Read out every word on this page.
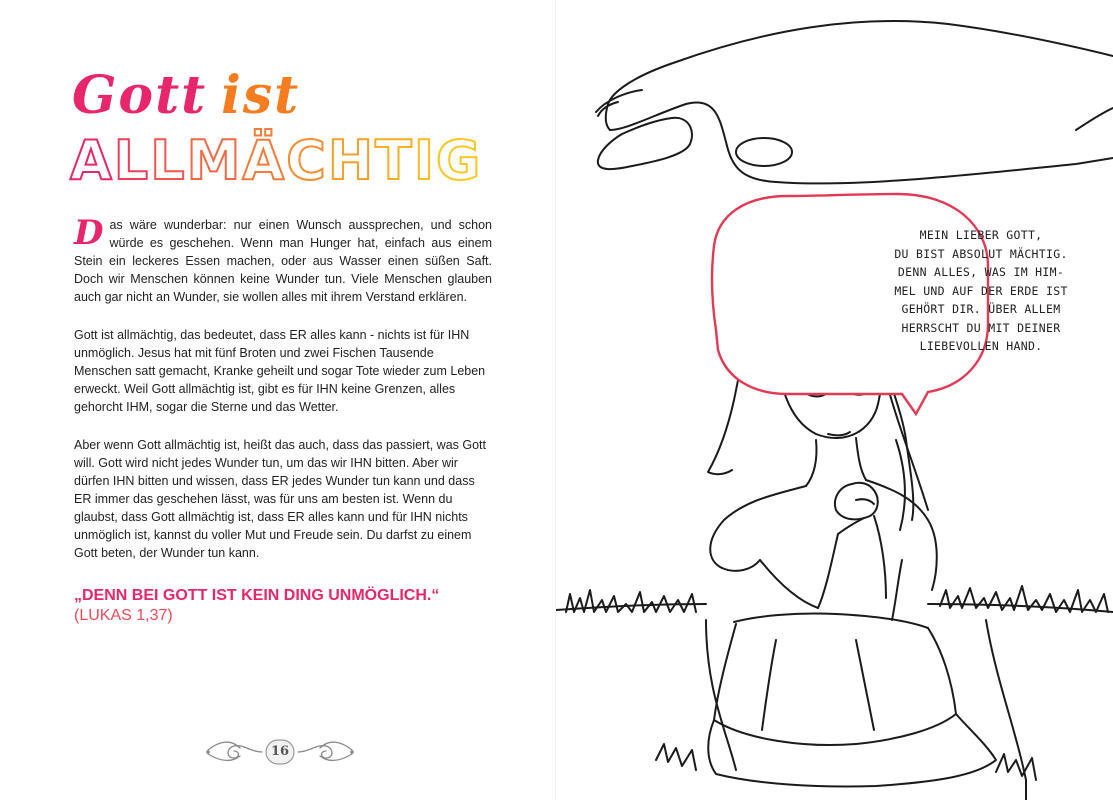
Gott ist
ALLMÄCHTIG

Das wäre wunderbar: nur einen Wunsch aussprechen, und schon würde es geschehen. Wenn man Hunger hat, einfach aus einem Stein ein leckeres Essen machen, oder aus Wasser einen süßen Saft. Doch wir Menschen können keine Wunder tun. Viele Menschen glauben auch gar nicht an Wunder, sie wollen alles mit ihrem Verstand erklären.

Gott ist allmächtig, das bedeutet, dass ER alles kann - nichts ist für IHN unmöglich. Jesus hat mit fünf Broten und zwei Fischen Tausende Menschen satt gemacht, Kranke geheilt und sogar Tote wieder zum Leben erweckt. Weil Gott allmächtig ist, gibt es für IHN keine Grenzen, alles gehorcht IHM, sogar die Sterne und das Wetter.

Aber wenn Gott allmächtig ist, heißt das auch, dass das passiert, was Gott will. Gott wird nicht jedes Wunder tun, um das wir IHN bitten. Aber wir dürfen IHN bitten und wissen, dass ER jedes Wunder tun kann und dass ER immer das geschehen lässt, was für uns am besten ist. Wenn du glaubst, dass Gott allmächtig ist, dass ER alles kann und für IHN nichts unmöglich ist, kannst du voller Mut und Freude sein. Du darfst zu einem Gott beten, der Wunder tun kann.

„DENN BEI GOTT IST KEIN DING UNMÖGLICH.“
(LUKAS 1,37)
16
MEIN LIEBER GOTT,
DU BIST ABSOLUT MÄCHTIG.
DENN ALLES, WAS IM HIM-
MEL UND AUF DER ERDE IST
GEHÖRT DIR. ÜBER ALLEM
HERRSCHT DU MIT DEINER
LIEBEVOLLEN HAND.
